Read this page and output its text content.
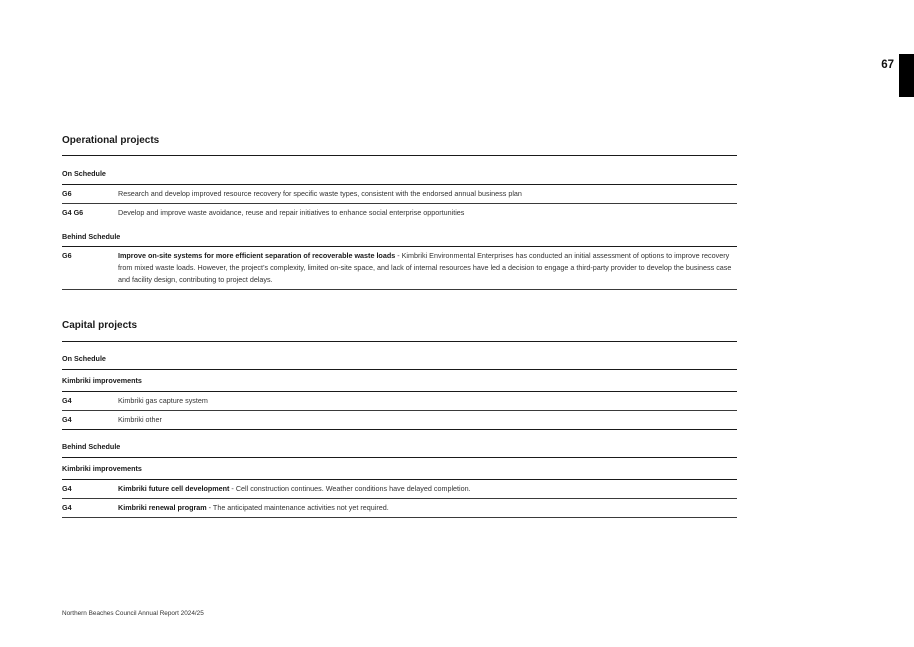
67
Operational projects
On Schedule
G6	Research and develop improved resource recovery for specific waste types, consistent with the endorsed annual business plan
G4 G6	Develop and improve waste avoidance, reuse and repair initiatives to enhance social enterprise opportunities
Behind Schedule
G6	Improve on-site systems for more efficient separation of recoverable waste loads - Kimbriki Environmental Enterprises has conducted an initial assessment of options to improve recovery from mixed waste loads. However, the project’s complexity, limited on-site space, and lack of internal resources have led a decision to engage a third-party provider to develop the business case and facility design, contributing to project delays.
Capital projects
On Schedule
Kimbriki improvements
G4	Kimbriki gas capture system
G4	Kimbriki other
Behind Schedule
Kimbriki improvements
G4	Kimbriki future cell development - Cell construction continues. Weather conditions have delayed completion.
G4	Kimbriki renewal program - The anticipated maintenance activities not yet required.
Northern Beaches Council Annual Report 2024/25
